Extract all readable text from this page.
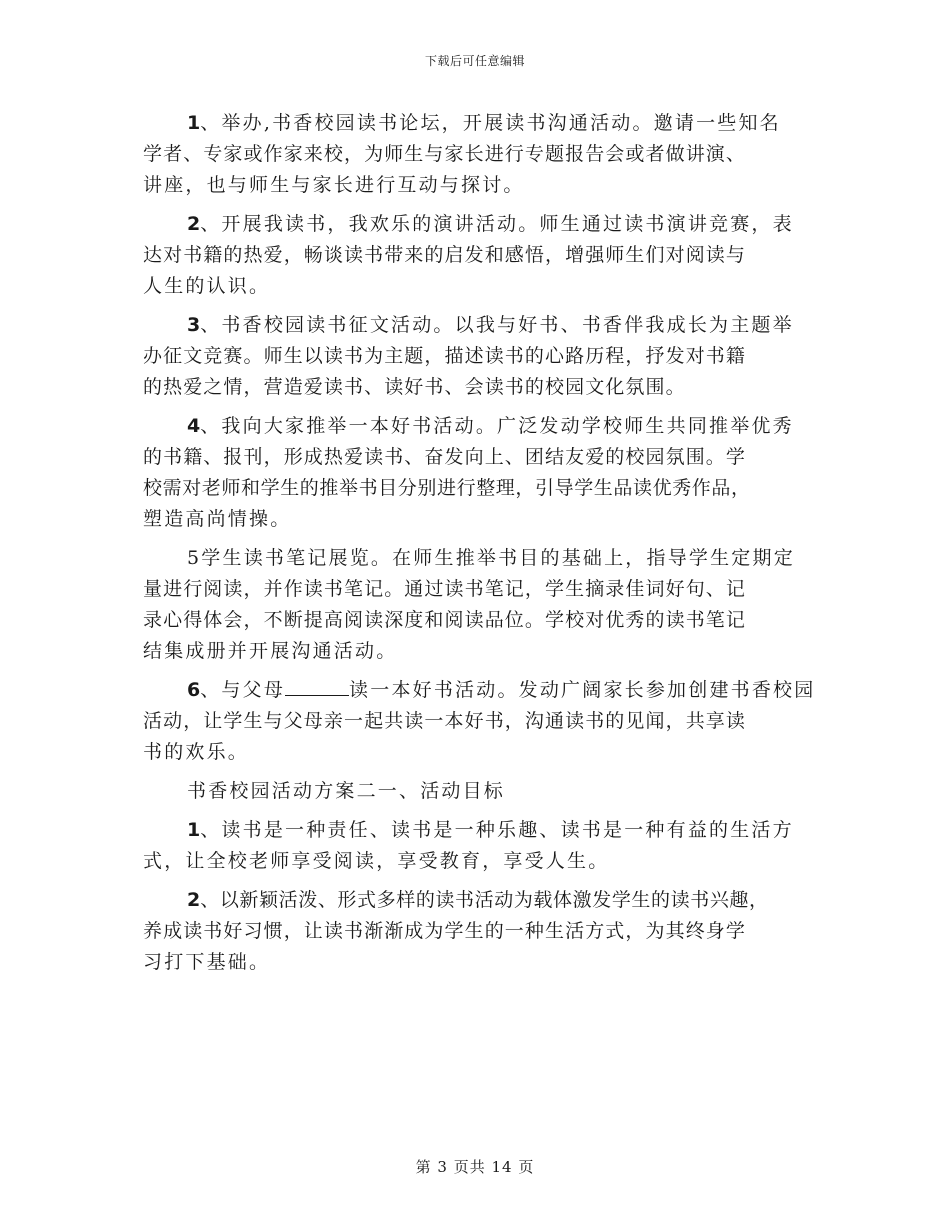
下载后可任意编辑
1、举办,书香校园读书论坛，开展读书沟通活动。邀请一些知名
学者、专家或作家来校，为师生与家长进行专题报告会或者做讲演、
讲座，也与师生与家长进行互动与探讨。
2、开展我读书，我欢乐的演讲活动。师生通过读书演讲竞赛，表
达对书籍的热爱，畅谈读书带来的启发和感悟，增强师生们对阅读与
人生的认识。
3、书香校园读书征文活动。以我与好书、书香伴我成长为主题举
办征文竞赛。师生以读书为主题，描述读书的心路历程，抒发对书籍
的热爱之情，营造爱读书、读好书、会读书的校园文化氛围。
4、我向大家推举一本好书活动。广泛发动学校师生共同推举优秀
的书籍、报刊，形成热爱读书、奋发向上、团结友爱的校园氛围。学
校需对老师和学生的推举书目分别进行整理，引导学生品读优秀作品，
塑造高尚情操。
5学生读书笔记展览。在师生推举书目的基础上，指导学生定期定
量进行阅读，并作读书笔记。通过读书笔记，学生摘录佳词好句、记
录心得体会，不断提高阅读深度和阅读品位。学校对优秀的读书笔记
结集成册并开展沟通活动。
6、与父母	读一本好书活动。发动广阔家长参加创建书香校园
活动，让学生与父母亲一起共读一本好书，沟通读书的见闻，共享读
书的欢乐。
书香校园活动方案二一、活动目标
1、读书是一种责任、读书是一种乐趣、读书是一种有益的生活方
式，让全校老师享受阅读，享受教育，享受人生。
2、以新颖活泼、形式多样的读书活动为载体激发学生的读书兴趣，
养成读书好习惯，让读书渐渐成为学生的一种生活方式，为其终身学
习打下基础。
第 3 页共 14 页
